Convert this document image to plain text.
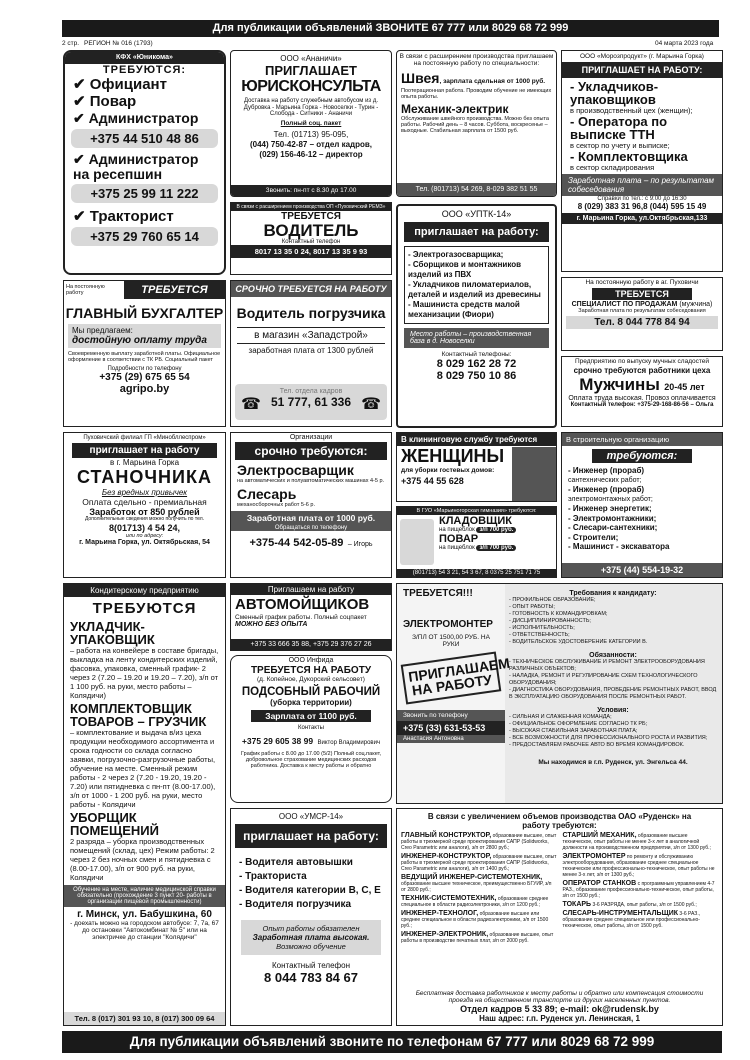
Для публикации объявлений ЗВОНИТЕ 67 777 или 8029 68 72 999
2 стр. РЕГИОН № 016 (1793)	04 марта 2023 года
КФХ «Юникома»
ТРЕБУЮТСЯ:
✔ Официант
✔ Повар
✔ Администратор
+375 44 510 48 86
✔ Администратор на ресепшин
+375 25 99 11 222
✔ Тракторист
+375 29 760 65 14
ООО «Ананичи»
ПРИГЛАШАЕТ
ЮРИСКОНСУЛЬТА
Доставка на работу служебным автобусом из д. Дубровка - Марьина Горка - Новоселки - Турин - Слобода - Ситники - Ананичи
Полный соц. пакет
Тел. (01713) 95-095,
(044) 750-42-87 – отдел кадров,
(029) 156-46-12 – директор
Звонить: пн-пт с 8.30 до 17.00
В связи с расширением производства приглашаем на постоянную работу по специальности:
Швея, зарплата сдельная от 1000 руб.
Поотерационная работа. Проводим обучение не имеющих опыта работы.
Механик-электрик
Обслуживание швейного производства. Можно без опыта работы. Рабочий день – 8 часов. Суббота, воскресенье – выходные. Стабильная зарплата от 1500 руб.
Тел. (801713) 54 269, 8-029 382 51 55
ООО «Морозпродукт» (г. Марьина Горка)
ПРИГЛАШАЕТ НА РАБОТУ:
- Укладчиков-упаковщиков
в производственный цех (женщин);
- Оператора по выписке ТТН
в сектор по учету и выписке;
- Комплектовщика
в сектор складирования
Заработная плата – по результатам собеседования
Справки по тел.: с 9:00 до 16:30
8 (029) 383 31 96,8 (044) 595 15 49
г. Марьина Горка, ул.Октябрьская,133
В связи с расширением производства ОП «Пуховичский РЕМЗ»
ТРЕБУЕТСЯ
ВОДИТЕЛЬ
Контактный телефон
8017 13 35 0 24, 8017 13 35 9 93
ООО «УПТК-14»
приглашает на работу:
- Электрогазосварщика;
- Сборщиков и монтажников изделий из ПВХ
- Укладчиков пиломатериалов, деталей и изделий из древесины
- Машиниста средств малой механизации (Фиори)
Место работы – производственная база в д. Новоселки
Контактный телефоны:
8 029 162 28 72
8 029 750 10 86
На постоянную работу	ТРЕБУЕТСЯ
ГЛАВНЫЙ БУХГАЛТЕР
Мы предлагаем:
достойную оплату труда
Своевременную выплату заработной платы. Официальное оформление в соответствии с ТК РБ. Социальный пакет
Подробности по телефону
+375 (29) 675 65 54
agripo.by
СРОЧНО ТРЕБУЕТСЯ НА РАБОТУ
Водитель погрузчика
в магазин «Западстрой»
заработная плата от 1300 рублей
☎	☎
Тел. отдела кадров
51 777, 61 336
На постоянную работу в аг. Пуховичи
ТРЕБУЕТСЯ
СПЕЦИАЛИСТ ПО ПРОДАЖАМ (мужчина)
Заработная плата по результатам собеседования
Тел. 8 044 778 84 94
Предприятию по выпуску мучных сладостей
срочно требуются работники цеха
Мужчины 20-45 лет
Оплата труда высокая. Провоз оплачивается
Контактный телефон: +375-29-168-86-56 – Ольга
Пуховичский филиал ГП «Минобллеспром»
приглашает на работу
в г. Марьина Горка
СТАНОЧНИКА
Без вредных привычек
Оплата сдельно - премиальная
Заработок от 850 рублей
Дополнительные сведения можно получить по тел.
8(01713) 4 54 24,
или по адресу:
г. Марьина Горка, ул. Октябрьская, 54
Организации
срочно требуются:
Электросварщик
на автоматических и полуавтоматических машинах 4-5 р.
Слесарь
механосборочных работ 5-6 р.
Заработная плата от 1000 руб.
Обращаться по телефону
+375-44 542-05-89 – Игорь
В клининговую службу требуются
ЖЕНЩИНЫ
для уборки гостевых домов:
+375 44 55 628
В ГУО «Марьиногорская гимназия» требуются:
КЛАДОВЩИК
на пищеблок з/п 700 руб.
ПОВАР
на пищеблок з/п 700 руб.
(801713) 54 3 21, 54 3 67, 8 0375 25 751 71 75
В строительную организацию
требуются:
- Инженер (прораб)
сантехнических работ;
- Инженер (прораб)
электромонтажных работ;
- Инженер энергетик;
- Электромонтажники;
- Слесари-сантехники;
- Строители;
- Машинист - экскаватора
+375 (44) 554-19-32
Кондитерскому предприятию
ТРЕБУЮТСЯ
УКЛАДЧИК-УПАКОВЩИК
– работа на конвейере в составе бригады, выкладка на ленту кондитерских изделий, фасовка, упаковка, сменный график- 2 через 2 (7.20 – 19.20 и 19.20 – 7.20), з/п от 1 100 руб. на руки, место работы – Колядичи)
КОМПЛЕКТОВЩИК ТОВАРОВ – ГРУЗЧИК
– комплектование и выдача в/из цеха продукции необходимого ассортимента и срока годности со склада согласно заявки, погрузочно-разгрузочные работы, обучение на месте. Сменный режим работы - 2 через 2 (7.20 - 19.20, 19.20 - 7.20) или пятидневка с пн-пт (8.00-17.00), з/п от 1000 - 1 200 руб. на руки, место работы - Колядичи
УБОРЩИК ПОМЕЩЕНИЙ
2 разряда – уборка производственных помещений (склад, цех) Режим работы: 2 через 2 без ночных смен и пятидневка с (8.00-17.00), з/п от 900 руб. на руки, Колядичи
Обучение на месте, наличие медицинской справки обязательно (прохождение 3 пункт 20- работы в организации пищевой промышленности)
г. Минск, ул. Бабушкина, 60
- доехать можно на городском автобусе: 7, 7а, 67 до остановки "Автокомбинат № 5" или на электричке до станции "Колядичи"
Тел. 8 (017) 301 93 10, 8 (017) 300 09 64
Приглашаем на работу
АВТОМОЙЩИКОВ
Сменный график работы. Полный соцпакет
МОЖНО БЕЗ ОПЫТА
+375 33 666 35 88, +375 29 376 27 26
ООО Инфида
ТРЕБУЕТСЯ НА РАБОТУ
(д. Копейное, Дукорский сельсовет)
ПОДСОБНЫЙ РАБОЧИЙ
(уборка территории)
Зарплата от 1100 руб.
Контакты
+375 29 605 38 99 Виктор Владимирович
График работы с 8.00 до 17.00 (5/2) Полный соц.пакет, добровольное страхование медицинских расходов работника. Доставка к месту работы и обратно
ТРЕБУЕТСЯ!!!
ЭЛЕКТРОМОНТЕР
З/ПЛ ОТ 1500,00 РУБ. НА РУКИ
ПРИГЛАШАЕМ НА РАБОТУ
Звонить по телефону
+375 (33) 631-53-53
Анастасия Антоновна
Требования к кандидату:
- ПРОФИЛЬНОЕ ОБРАЗОВАНИЕ;
- ОПЫТ РАБОТЫ;
- ГОТОВНОСТЬ К КОМАНДИРОВКАМ;
- ДИСЦИПЛИНИРОВАННОСТЬ;
- ИСПОЛНИТЕЛЬНОСТЬ;
- ОТВЕТСТВЕННОСТЬ;
- ВОДИТЕЛЬСКОЕ УДОСТОВЕРЕНИЕ КАТЕГОРИИ В.
Обязанности:
- ТЕХНИЧЕСКОЕ ОБСЛУЖИВАНИЕ И РЕМОНТ ЭЛЕКТРООБОРУДОВАНИЯ РАЗЛИЧНЫХ ОБЪЕКТОВ;
- НАЛАДКА, РЕМОНТ И РЕГУЛИРОВАНИЕ СХЕМ ТЕХНОЛОГИЧЕСКОГО ОБОРУДОВАНИЯ;
- ДИАГНОСТИКА ОБОРУДОВАНИЯ, ПРОВЕДЕНИЕ РЕМОНТНЫХ РАБОТ, ВВОД В ЭКСПЛУАТАЦИЮ ОБОРУДОВАНИЯ ПОСЛЕ РЕМОНТНЫХ РАБОТ.
Условия:
- СИЛЬНАЯ И СЛАЖЕННАЯ КОМАНДА;
- ОФИЦИАЛЬНОЕ ОФОРМЛЕНИЕ СОГЛАСНО ТК РБ;
- ВЫСОКАЯ СТАБИЛЬНАЯ ЗАРАБОТНАЯ ПЛАТА;
- ВСЕ ВОЗМОЖНОСТИ ДЛЯ ПРОФЕССИОНАЛЬНОГО РОСТА И РАЗВИТИЯ;
- ПРЕДОСТАВЛЯЕМ РАБОЧЕЕ АВТО ВО ВРЕМЯ КОМАНДИРОВОК.
Мы находимся в г.п. Руденск, ул. Энгельса 44.
ООО «УМСР-14»
приглашает на работу:
- Водителя автовышки
- Тракториста
- Водителя категории В, С, Е
- Водителя погрузчика
Опыт работы обязателен
Заработная плата высокая.
Возможно обучение
Контактный телефон
8 044 783 84 67
В связи с увеличением объемов производства ОАО «Руденск» на работу требуются:
ГЛАВНЫЙ КОНСТРУКТОР, образование высшее, опыт работы в трехмерной среде проектирования САПР (Solidworks, Creo Parametric или аналоги), з/п от 2800 руб.;
ИНЖЕНЕР-КОНСТРУКТОР, образование высшее, опыт работы в трехмерной среде проектирования САПР (Solidworks, Creo Parametric или аналоги), з/п от 1400 руб.;
ВЕДУЩИЙ ИНЖЕНЕР-СИСТЕМОТЕХНИК, образование высшее техническое, преимущественно БГУИР, з/п от 2800 руб.;
ТЕХНИК-СИСТЕМОТЕХНИК, образование среднее специальное в области радиоэлектроники, з/п от 1200 руб.;
ИНЖЕНЕР-ТЕХНОЛОГ, образование высшее или среднее специальное в области радиоэлектроники, з/п от 1500 руб.;
ИНЖЕНЕР-ЭЛЕКТРОНИК, образование высшее, опыт работы в производстве печатных плат, з/п от 2000 руб.
СТАРШИЙ МЕХАНИК, образование высшее техническое, опыт работы не менее 3-х лет в аналогичной должности на производственном предприятии, з/п от 1300 руб.;
ЭЛЕКТРОМОНТЕР по ремонту и обслуживанию электрооборудования, образование среднее специальное техническое или профессионально-техническое, опыт работы не менее 3-х лет, з/п от 1300 руб.;
ОПЕРАТОР СТАНКОВ с программным управлением 4-7 РАЗ., образование профессионально-техническое, опыт работы, з/п от 1500 руб.;
ТОКАРЬ 3-6 РАЗРЯДА, опыт работы, з/п от 1500 руб.;
СЛЕСАРЬ-ИНСТРУМЕНТАЛЬЩИК 3-6 РАЗ., образование среднее специальное или профессионально-техническое, опыт работы, з/п от 1500 руб.
Бесплатная доставка работников к месту работы и обратно или компенсация стоимости проезда на общественном транспорте из других населенных пунктов.
Отдел кадров 5 33 89; e-mail: ok@rudensk.by
Наш адрес: г.п. Руденск ул. Ленинская, 1
Для публикации объявлений звоните по телефонам 67 777 или 8029 68 72 999
